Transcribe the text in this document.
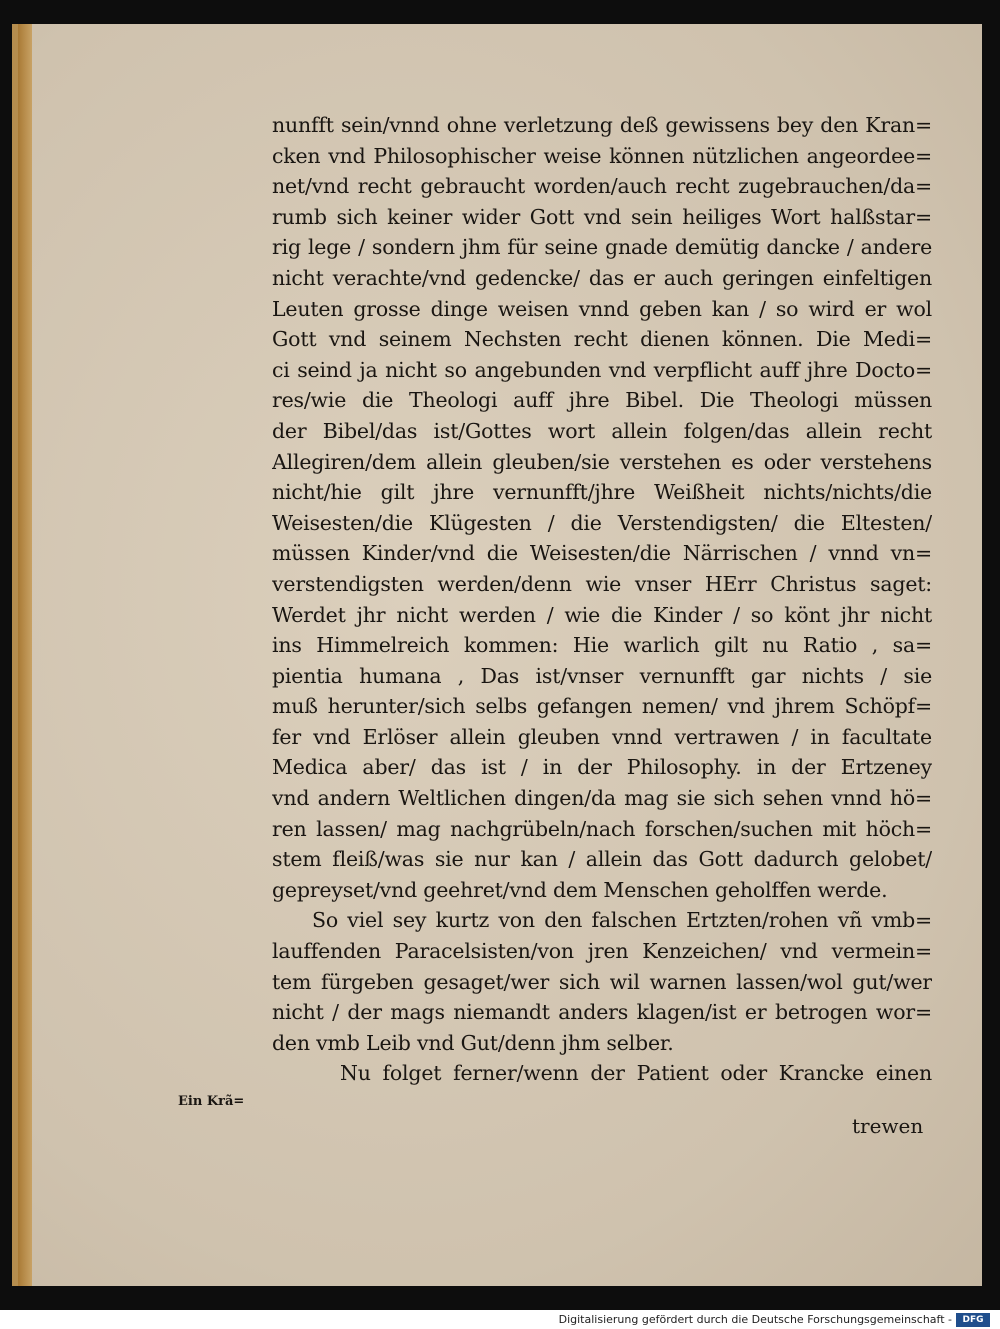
nunfft sein/vnnd ohne verletzung deß gewissens bey den Kran=
cken vnd Philosophischer weise können nützlichen angeordee=
net/vnd recht gebraucht worden/auch recht zugebrauchen/da=
rumb sich keiner wider Gott vnd sein heiliges Wort halßstar=
rig lege / sondern jhm für seine gnade demütig dancke / andere
nicht verachte/vnd gedencke/ das er auch geringen einfeltigen
Leuten grosse dinge weisen vnnd geben kan / so wird er wol
Gott vnd seinem Nechsten recht dienen können. Die Medi=
ci seind ja nicht so angebunden vnd verpflicht auff jhre Docto=
res/wie die Theologi auff jhre Bibel. Die Theologi müssen
der Bibel/das ist/Gottes wort allein folgen/das allein recht
Allegiren/dem allein gleuben/sie verstehen es oder verstehens
nicht/hie gilt jhre vernunfft/jhre Weißheit nichts/nichts/die
Weisesten/die Klügesten / die Verstendigsten/ die Eltesten/
müssen Kinder/vnd die Weisesten/die Närrischen / vnnd vn=
verstendigsten werden/denn wie vnser HErr Christus saget:
Werdet jhr nicht werden / wie die Kinder / so könt jhr nicht
ins Himmelreich kommen: Hie warlich gilt nu Ratio , sa=
pientia humana , Das ist/vnser vernunfft gar nichts / sie
muß herunter/sich selbs gefangen nemen/ vnd jhrem Schöpf=
fer vnd Erlöser allein gleuben vnnd vertrawen / in facultate
Medica aber/ das ist / in der Philosophy. in der Ertzeney
vnd andern Weltlichen dingen/da mag sie sich sehen vnnd hö=
ren lassen/ mag nachgrübeln/nach forschen/suchen mit höch=
stem fleiß/was sie nur kan / allein das Gott dadurch gelobet/
gepreyset/vnd geehret/vnd dem Menschen geholffen werde.
So viel sey kurtz von den falschen Ertzten/rohen vñ vmb=
lauffenden Paracelsisten/von jren Kenzeichen/ vnd vermein=
tem fürgeben gesaget/wer sich wil warnen lassen/wol gut/wer
nicht / der mags niemandt anders klagen/ist er betrogen wor=
den vmb Leib vnd Gut/denn jhm selber.
Nu folget ferner/wenn der Patient oder Krancke einen
Ein Krã=
trewen
Digitalisierung gefördert durch die Deutsche Forschungsgemeinschaft -	DFG
